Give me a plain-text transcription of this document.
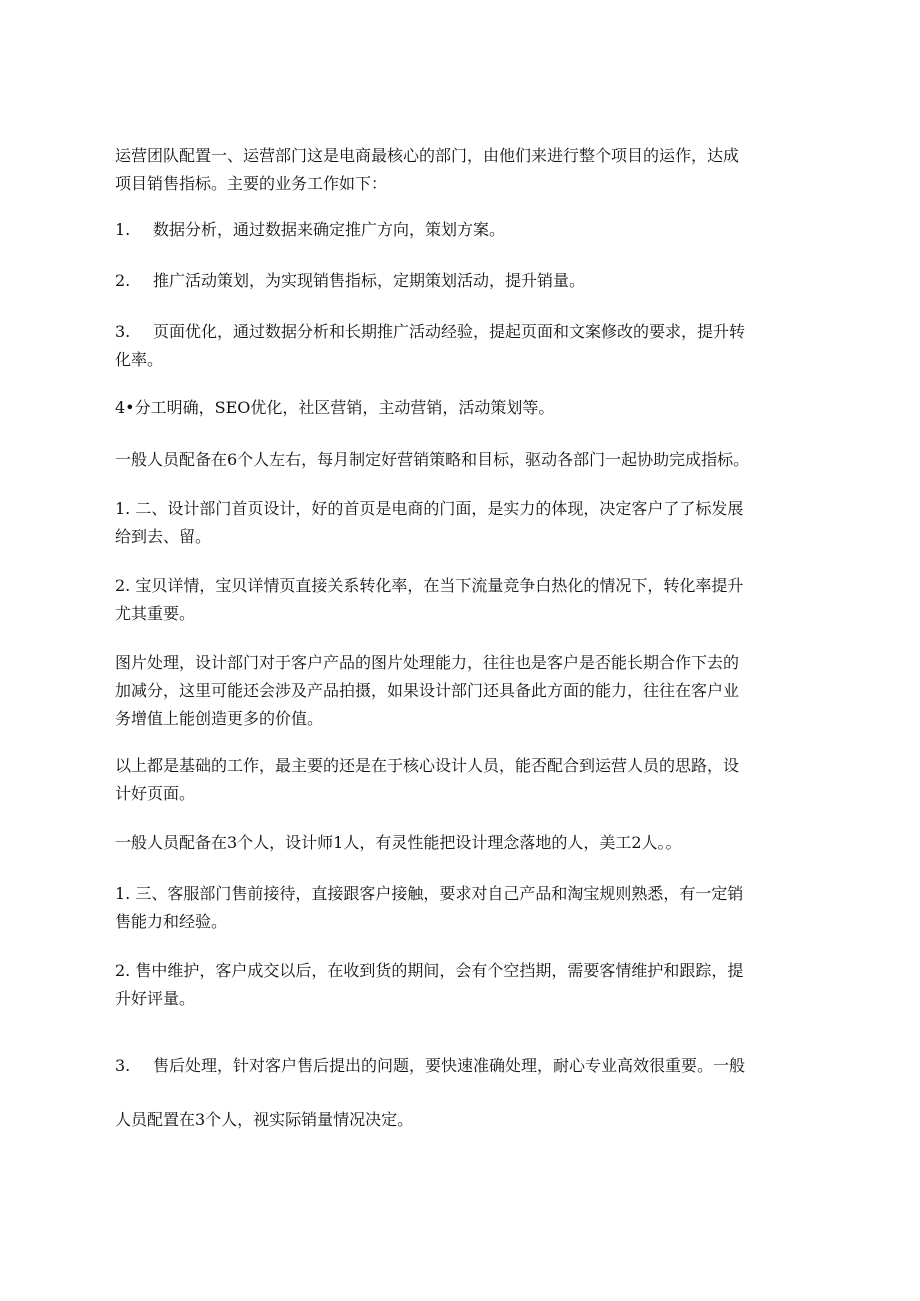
运营团队配置一、运营部门这是电商最核心的部门，由他们来进行整个项目的运作，达成
项目销售指标。主要的业务工作如下：

1. 数据分析，通过数据来确定推广方向，策划方案。

2. 推广活动策划，为实现销售指标，定期策划活动，提升销量。

3. 页面优化，通过数据分析和长期推广活动经验，提起页面和文案修改的要求，提升转
化率。

4•分工明确，SEO优化，社区营销，主动营销，活动策划等。

一般人员配备在6个人左右，每月制定好营销策略和目标，驱动各部门一起协助完成指标。

1. 二、设计部门首页设计，好的首页是电商的门面，是实力的体现，决定客户了了标发展
给到去、留。

2. 宝贝详情，宝贝详情页直接关系转化率，在当下流量竞争白热化的情况下，转化率提升
尤其重要。

图片处理，设计部门对于客户产品的图片处理能力，往往也是客户是否能长期合作下去的
加减分，这里可能还会涉及产品拍摄，如果设计部门还具备此方面的能力，往往在客户业
务增值上能创造更多的价值。

以上都是基础的工作，最主要的还是在于核心设计人员，能否配合到运营人员的思路，设
计好页面。

一般人员配备在3个人，设计师1人，有灵性能把设计理念落地的人，美工2人。。

1. 三、客服部门售前接待，直接跟客户接触，要求对自己产品和淘宝规则熟悉，有一定销
售能力和经验。

2. 售中维护，客户成交以后，在收到货的期间，会有个空挡期，需要客情维护和跟踪，提
升好评量。

3. 售后处理，针对客户售后提出的问题，要快速准确处理，耐心专业高效很重要。一般

人员配置在3个人，视实际销量情况决定。
